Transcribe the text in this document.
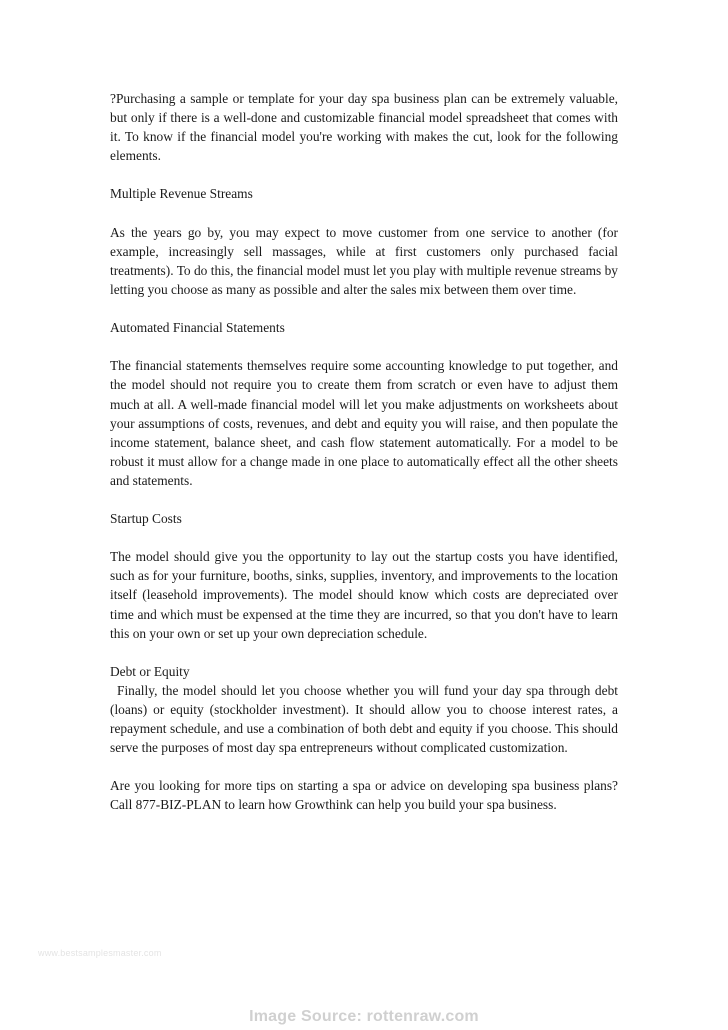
?Purchasing a sample or template for your day spa business plan can be extremely valuable, but only if there is a well-done and customizable financial model spreadsheet that comes with it. To know if the financial model you're working with makes the cut, look for the following elements.

Multiple Revenue Streams

As the years go by, you may expect to move customer from one service to another (for example, increasingly sell massages, while at first customers only purchased facial treatments). To do this, the financial model must let you play with multiple revenue streams by letting you choose as many as possible and alter the sales mix between them over time.

Automated Financial Statements

The financial statements themselves require some accounting knowledge to put together, and the model should not require you to create them from scratch or even have to adjust them much at all. A well-made financial model will let you make adjustments on worksheets about your assumptions of costs, revenues, and debt and equity you will raise, and then populate the income statement, balance sheet, and cash flow statement automatically. For a model to be robust it must allow for a change made in one place to automatically effect all the other sheets and statements.

Startup Costs

The model should give you the opportunity to lay out the startup costs you have identified, such as for your furniture, booths, sinks, supplies, inventory, and improvements to the location itself (leasehold improvements). The model should know which costs are depreciated over time and which must be expensed at the time they are incurred, so that you don't have to learn this on your own or set up your own depreciation schedule.

Debt or Equity

Finally, the model should let you choose whether you will fund your day spa through debt (loans) or equity (stockholder investment). It should allow you to choose interest rates, a repayment schedule, and use a combination of both debt and equity if you choose. This should serve the purposes of most day spa entrepreneurs without complicated customization.

Are you looking for more tips on starting a spa or advice on developing spa business plans? Call 877-BIZ-PLAN to learn how Growthink can help you build your spa business.

www.bestsamplesmaster.com
Image Source: rottenraw.com
